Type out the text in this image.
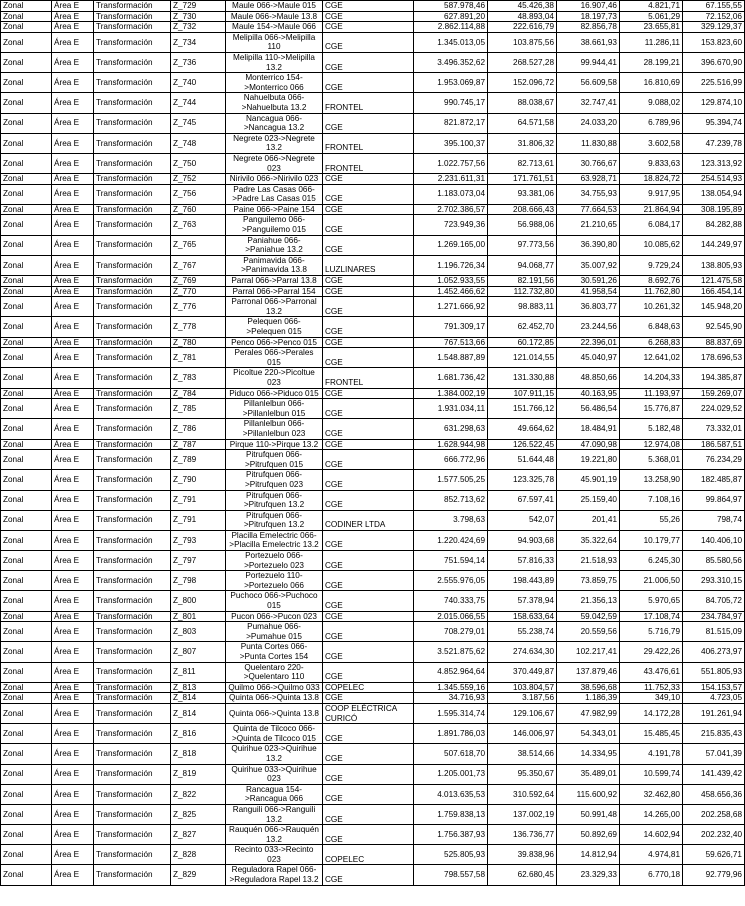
Zonal	Área E	Transformación	Z_729	Maule 066->Maule 015	CGE	587.978,46	45.426,38	16.907,46	4.821,71	67.155,55
Zonal	Área E	Transformación	Z_730	Maule 066->Maule 13.8	CGE	627.891,20	48.893,04	18.197,73	5.061,29	72.152,06
Zonal	Área E	Transformación	Z_732	Maule 154->Maule 066	CGE	2.862.114,88	222.616,79	82.856,78	23.655,81	329.129,37
Zonal	Área E	Transformación	Z_734	Melipilla 066->Melipilla 110	CGE	1.345.013,05	103.875,56	38.661,93	11.286,11	153.823,60
Zonal	Área E	Transformación	Z_736	Melipilla 110->Melipilla 13.2	CGE	3.496.352,62	268.527,28	99.944,41	28.199,21	396.670,90
Zonal	Área E	Transformación	Z_740	Monterrico 154->Monterrico 066	CGE	1.953.069,87	152.096,72	56.609,58	16.810,69	225.516,99
Zonal	Área E	Transformación	Z_744	Nahuelbuta 066->Nahuelbuta 13.2	FRONTEL	990.745,17	88.038,67	32.747,41	9.088,02	129.874,10
Zonal	Área E	Transformación	Z_745	Nancagua 066->Nancagua 13.2	CGE	821.872,17	64.571,58	24.033,20	6.789,96	95.394,74
Zonal	Área E	Transformación	Z_748	Negrete 023->Negrete 13.2	FRONTEL	395.100,37	31.806,32	11.830,88	3.602,58	47.239,78
Zonal	Área E	Transformación	Z_750	Negrete 066->Negrete 023	FRONTEL	1.022.757,56	82.713,61	30.766,67	9.833,63	123.313,92
Zonal	Área E	Transformación	Z_752	Nirivilo 066->Nirivilo 023	CGE	2.231.611,31	171.761,51	63.928,71	18.824,72	254.514,93
Zonal	Área E	Transformación	Z_756	Padre Las Casas 066->Padre Las Casas 015	CGE	1.183.073,04	93.381,06	34.755,93	9.917,95	138.054,94
Zonal	Área E	Transformación	Z_760	Paine 066->Paine 154	CGE	2.702.386,57	208.666,43	77.664,53	21.864,94	308.195,89
Zonal	Área E	Transformación	Z_763	Panguilemo 066->Panguilemo 015	CGE	723.949,36	56.988,06	21.210,65	6.084,17	84.282,88
Zonal	Área E	Transformación	Z_765	Paniahue 066->Paniahue 13.2	CGE	1.269.165,00	97.773,56	36.390,80	10.085,62	144.249,97
Zonal	Área E	Transformación	Z_767	Panimavida 066->Panimavida 13.8	LUZLINARES	1.196.726,34	94.068,77	35.007,92	9.729,24	138.805,93
Zonal	Área E	Transformación	Z_769	Parral 066->Parral 13.8	CGE	1.052.933,55	82.191,56	30.591,26	8.692,76	121.475,58
Zonal	Área E	Transformación	Z_770	Parral 066->Parral 154	CGE	1.452.466,62	112.732,80	41.958,54	11.762,80	166.454,14
Zonal	Área E	Transformación	Z_776	Parronal 066->Parronal 13.2	CGE	1.271.666,92	98.883,11	36.803,77	10.261,32	145.948,20
Zonal	Área E	Transformación	Z_778	Pelequen 066->Pelequen 015	CGE	791.309,17	62.452,70	23.244,56	6.848,63	92.545,90
Zonal	Área E	Transformación	Z_780	Penco 066->Penco 015	CGE	767.513,66	60.172,85	22.396,01	6.268,83	88.837,69
Zonal	Área E	Transformación	Z_781	Perales 066->Perales 015	CGE	1.548.887,89	121.014,55	45.040,97	12.641,02	178.696,53
Zonal	Área E	Transformación	Z_783	Picoltue 220->Picoltue 023	FRONTEL	1.681.736,42	131.330,88	48.850,66	14.204,33	194.385,87
Zonal	Área E	Transformación	Z_784	Piduco 066->Piduco 015	CGE	1.384.002,19	107.911,15	40.163,95	11.193,97	159.269,07
Zonal	Área E	Transformación	Z_785	Pillanlelbun 066->Pillanlelbun 015	CGE	1.931.034,11	151.766,12	56.486,54	15.776,87	224.029,52
Zonal	Área E	Transformación	Z_786	Pillanlelbun 066->Pillanlelbun 023	CGE	631.298,63	49.664,62	18.484,91	5.182,48	73.332,01
Zonal	Área E	Transformación	Z_787	Pirque 110->Pirque 13.2	CGE	1.628.944,98	126.522,45	47.090,98	12.974,08	186.587,51
Zonal	Área E	Transformación	Z_789	Pitrufquen 066->Pitrufquen 015	CGE	666.772,96	51.644,48	19.221,80	5.368,01	76.234,29
Zonal	Área E	Transformación	Z_790	Pitrufquen 066->Pitrufquen 023	CGE	1.577.505,25	123.325,78	45.901,19	13.258,90	182.485,87
Zonal	Área E	Transformación	Z_791	Pitrufquen 066->Pitrufquen 13.2	CGE	852.713,62	67.597,41	25.159,40	7.108,16	99.864,97
Zonal	Área E	Transformación	Z_791	Pitrufquen 066->Pitrufquen 13.2	CODINER LTDA	3.798,63	542,07	201,41	55,26	798,74
Zonal	Área E	Transformación	Z_793	Placilla Emelectric 066->Placilla Emelectric 13.2	CGE	1.220.424,69	94.903,68	35.322,64	10.179,77	140.406,10
Zonal	Área E	Transformación	Z_797	Portezuelo 066->Portezuelo 023	CGE	751.594,14	57.816,33	21.518,93	6.245,30	85.580,56
Zonal	Área E	Transformación	Z_798	Portezuelo 110->Portezuelo 066	CGE	2.555.976,05	198.443,89	73.859,75	21.006,50	293.310,15
Zonal	Área E	Transformación	Z_800	Puchoco 066->Puchoco 015	CGE	740.333,75	57.378,94	21.356,13	5.970,65	84.705,72
Zonal	Área E	Transformación	Z_801	Pucon 066->Pucon 023	CGE	2.015.066,55	158.633,64	59.042,59	17.108,74	234.784,97
Zonal	Área E	Transformación	Z_803	Pumahue 066->Pumahue 015	CGE	708.279,01	55.238,74	20.559,56	5.716,79	81.515,09
Zonal	Área E	Transformación	Z_807	Punta Cortes 066->Punta Cortes 154	CGE	3.521.875,62	274.634,30	102.217,41	29.422,26	406.273,97
Zonal	Área E	Transformación	Z_811	Quelentaro 220->Quelentaro 110	CGE	4.852.964,64	370.449,87	137.879,46	43.476,61	551.805,93
Zonal	Área E	Transformación	Z_813	Quilmo 066->Quilmo 033	COPELEC	1.345.559,16	103.804,57	38.596,68	11.752,33	154.153,57
Zonal	Área E	Transformación	Z_814	Quinta 066->Quinta 13.8	CGE	34.716,93	3.187,56	1.186,39	349,10	4.723,05
Zonal	Área E	Transformación	Z_814	Quinta 066->Quinta 13.8	COOP ELÉCTRICA CURICÓ	1.595.314,74	129.106,67	47.982,99	14.172,28	191.261,94
Zonal	Área E	Transformación	Z_816	Quinta de Tilcoco 066->Quinta de Tilcoco 015	CGE	1.891.786,03	146.006,97	54.343,01	15.485,45	215.835,43
Zonal	Área E	Transformación	Z_818	Quirihue 023->Quirihue 13.2	CGE	507.618,70	38.514,66	14.334,95	4.191,78	57.041,39
Zonal	Área E	Transformación	Z_819	Quirihue 033->Quirihue 023	CGE	1.205.001,73	95.350,67	35.489,01	10.599,74	141.439,42
Zonal	Área E	Transformación	Z_822	Rancagua 154->Rancagua 066	CGE	4.013.635,53	310.592,64	115.600,92	32.462,80	458.656,36
Zonal	Área E	Transformación	Z_825	Ranguili 066->Ranguili 13.2	CGE	1.759.838,13	137.002,19	50.991,48	14.265,00	202.258,68
Zonal	Área E	Transformación	Z_827	Rauquén 066->Rauquén 13.2	CGE	1.756.387,93	136.736,77	50.892,69	14.602,94	202.232,40
Zonal	Área E	Transformación	Z_828	Recinto 033->Recinto 023	COPELEC	525.805,93	39.838,96	14.812,94	4.974,81	59.626,71
Zonal	Área E	Transformación	Z_829	Reguladora Rapel 066->Reguladora Rapel 13.2	CGE	798.557,58	62.680,45	23.329,33	6.770,18	92.779,96
